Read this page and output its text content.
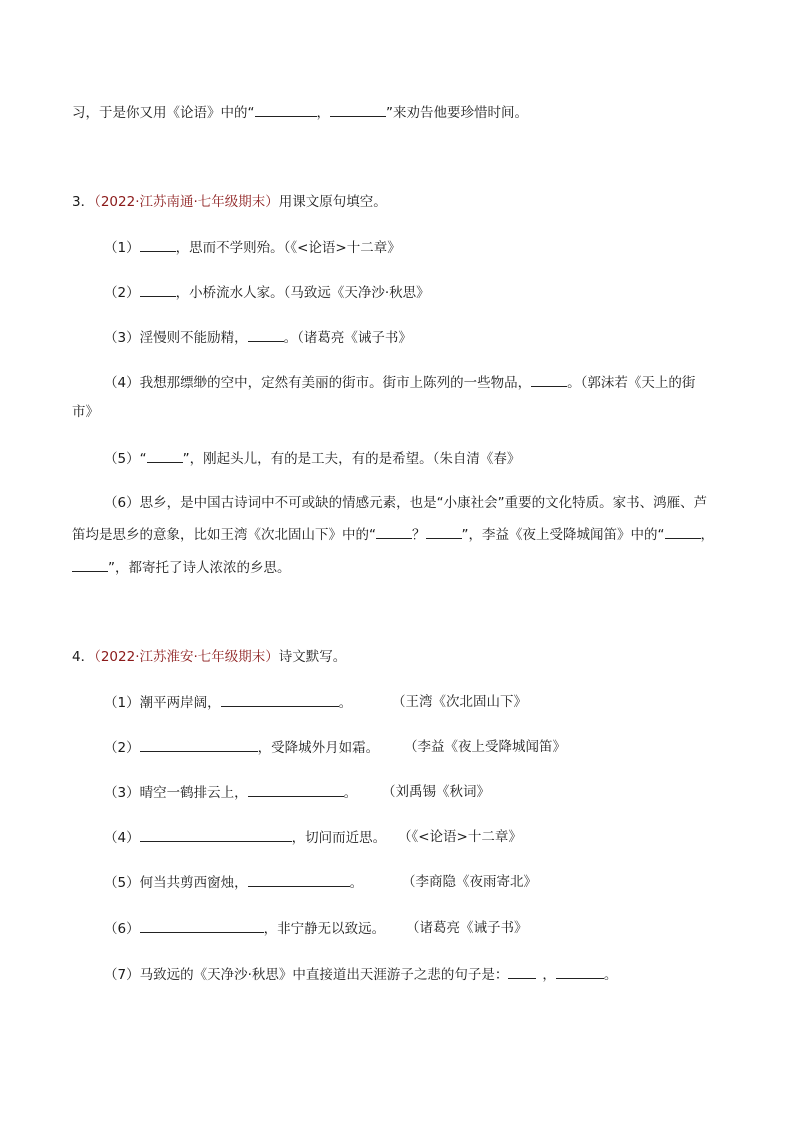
习，于是你又用《论语》中的“	，	”来劝告他要珍惜时间。
3．（2022·江苏南通·七年级期末）用课文原句填空。
（1）	，思而不学则殆。（《<论语>十二章》
（2）	，小桥流水人家。（马致远《天净沙·秋思》
（3）淫慢则不能励精，	。（诸葛亮《诫子书》
（4）我想那缥缈的空中，定然有美丽的街市。街市上陈列的一些物品，	。（郭沫若《天上的街
市》
（5）“	”，刚起头儿，有的是工夫，有的是希望。（朱自清《春》
（6）思乡，是中国古诗词中不可或缺的情感元素，也是“小康社会”重要的文化特质。家书、鸿雁、芦
笛均是思乡的意象，比如王湾《次北固山下》中的“	？	”，李益《夜上受降城闻笛》中的“	，
”，都寄托了诗人浓浓的乡思。
4．（2022·江苏淮安·七年级期末）诗文默写。
（1）潮平两岸阔，	。	（王湾《次北固山下》
（2）	，受降城外月如霜。 （李益《夜上受降城闻笛》
（3）晴空一鹤排云上，	。 （刘禹锡《秋词》
（4）	，切问而近思。 （《<论语>十二章》
（5）何当共剪西窗烛，	。	（李商隐《夜雨寄北》
（6）	，非宁静无以致远。 （诸葛亮《诫子书》
（7）马致远的《天净沙·秋思》中直接道出天涯游子之悲的句子是：	，	。
